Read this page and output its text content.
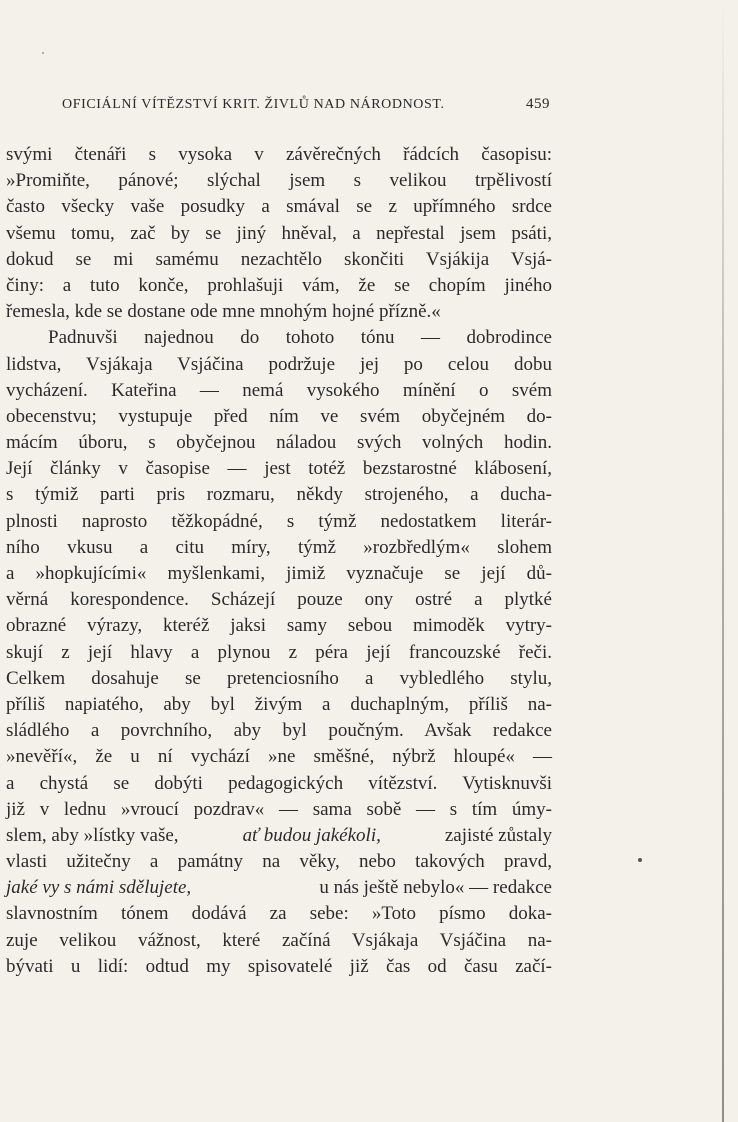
OFICIÁLNÍ VÍTĚZSTVÍ KRIT. ŽIVLŮ NAD NÁRODNOST.	459
svými čtenáři s vysoka v závěrečných řádcích časopisu:
»Promiňte, pánové; slýchal jsem s velikou trpělivostí
často všecky vaše posudky a smával se z upřímného srdce
všemu tomu, zač by se jiný hněval, a nepřestal jsem psáti,
dokud se mi samému nezachtělo skončiti Vsjákija Vsjá-
činy: a tuto konče, prohlašuji vám, že se chopím jiného
řemesla, kde se dostane ode mne mnohým hojné přízně.«
Padnuvši najednou do tohoto tónu — dobrodince
lidstva, Vsjákaja Vsjáčina podržuje jej po celou dobu
vycházení. Kateřina — nemá vysokého mínění o svém
obecenstvu; vystupuje před ním ve svém obyčejném do-
mácím úboru, s obyčejnou náladou svých volných hodin.
Její články v časopise — jest totéž bezstarostné klábosení,
s týmiž parti pris rozmaru, někdy strojeného, a ducha-
plnosti naprosto těžkopádné, s týmž nedostatkem literár-
ního vkusu a citu míry, týmž »rozbředlým« slohem
a »hopkujícími« myšlenkami, jimiž vyznačuje se její dů-
věrná korespondence. Scházejí pouze ony ostré a plytké
obrazné výrazy, kteréž jaksi samy sebou mimoděk vytry-
skují z její hlavy a plynou z péra její francouzské řeči.
Celkem dosahuje se pretenciosního a vybledlého stylu,
příliš napiatého, aby byl živým a duchaplným, příliš na-
sládlého a povrchního, aby byl poučným. Avšak redakce
»nevěří«, že u ní vychází »ne směšné, nýbrž hloupé« —
a chystá se dobýti pedagogických vítězství. Vytisknuvši
již v lednu »vroucí pozdrav« — sama sobě — s tím úmy-
slem, aby »lístky vaše,	ať budou jakékoli,	zajisté zůstaly
vlasti užitečny a památny na věky, nebo takových pravd,
jaké vy s námi sdělujete,	u nás ještě nebylo« — redakce
slavnostním tónem dodává za sebe: »Toto písmo doka-
zuje velikou vážnost, které začíná Vsjákaja Vsjáčina na-
bývati u lidí: odtud my spisovatelé již čas od času začí-
